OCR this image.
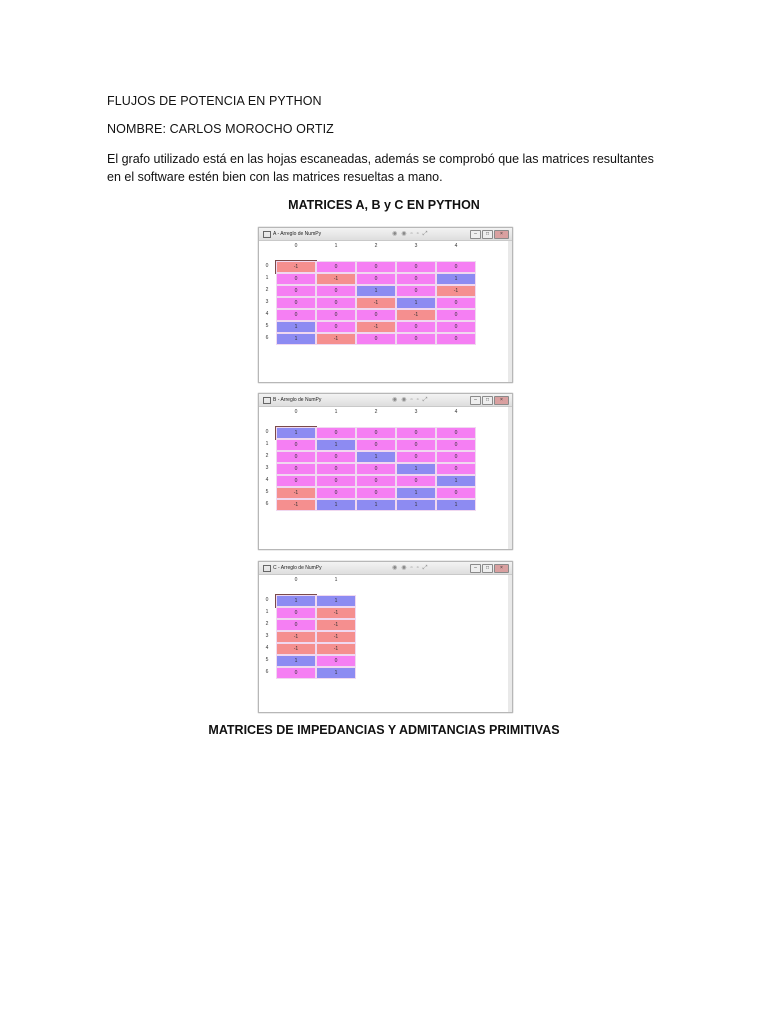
FLUJOS DE POTENCIA EN PYTHON
NOMBRE: CARLOS MOROCHO ORTIZ
El grafo utilizado está en las hojas escaneadas, además se comprobó que las matrices resultantes
en el software estén bien con las matrices resueltas a mano.
MATRICES A, B y C EN PYTHON
A - Arreglo de NumPy	◉◉▫▫⤢	–	□	×
0	1	2	3	4
0	-1	0	0	0	0
1	0	-1	0	0	1
2	0	0	1	0	-1
3	0	0	-1	1	0
4	0	0	0	-1	0
5	1	0	-1	0	0
6	1	-1	0	0	0
B - Arreglo de NumPy	◉◉▫▫⤢	–	□	×
0	1	2	3	4
0	1	0	0	0	0
1	0	1	0	0	0
2	0	0	1	0	0
3	0	0	0	1	0
4	0	0	0	0	1
5	-1	0	0	1	0
6	-1	1	1	1	1
C - Arreglo de NumPy	◉◉▫▫⤢	–	□	×
0	1
0	1	1
1	0	-1
2	0	-1
3	-1	-1
4	-1	-1
5	1	0
6	0	1
MATRICES DE IMPEDANCIAS Y ADMITANCIAS PRIMITIVAS
